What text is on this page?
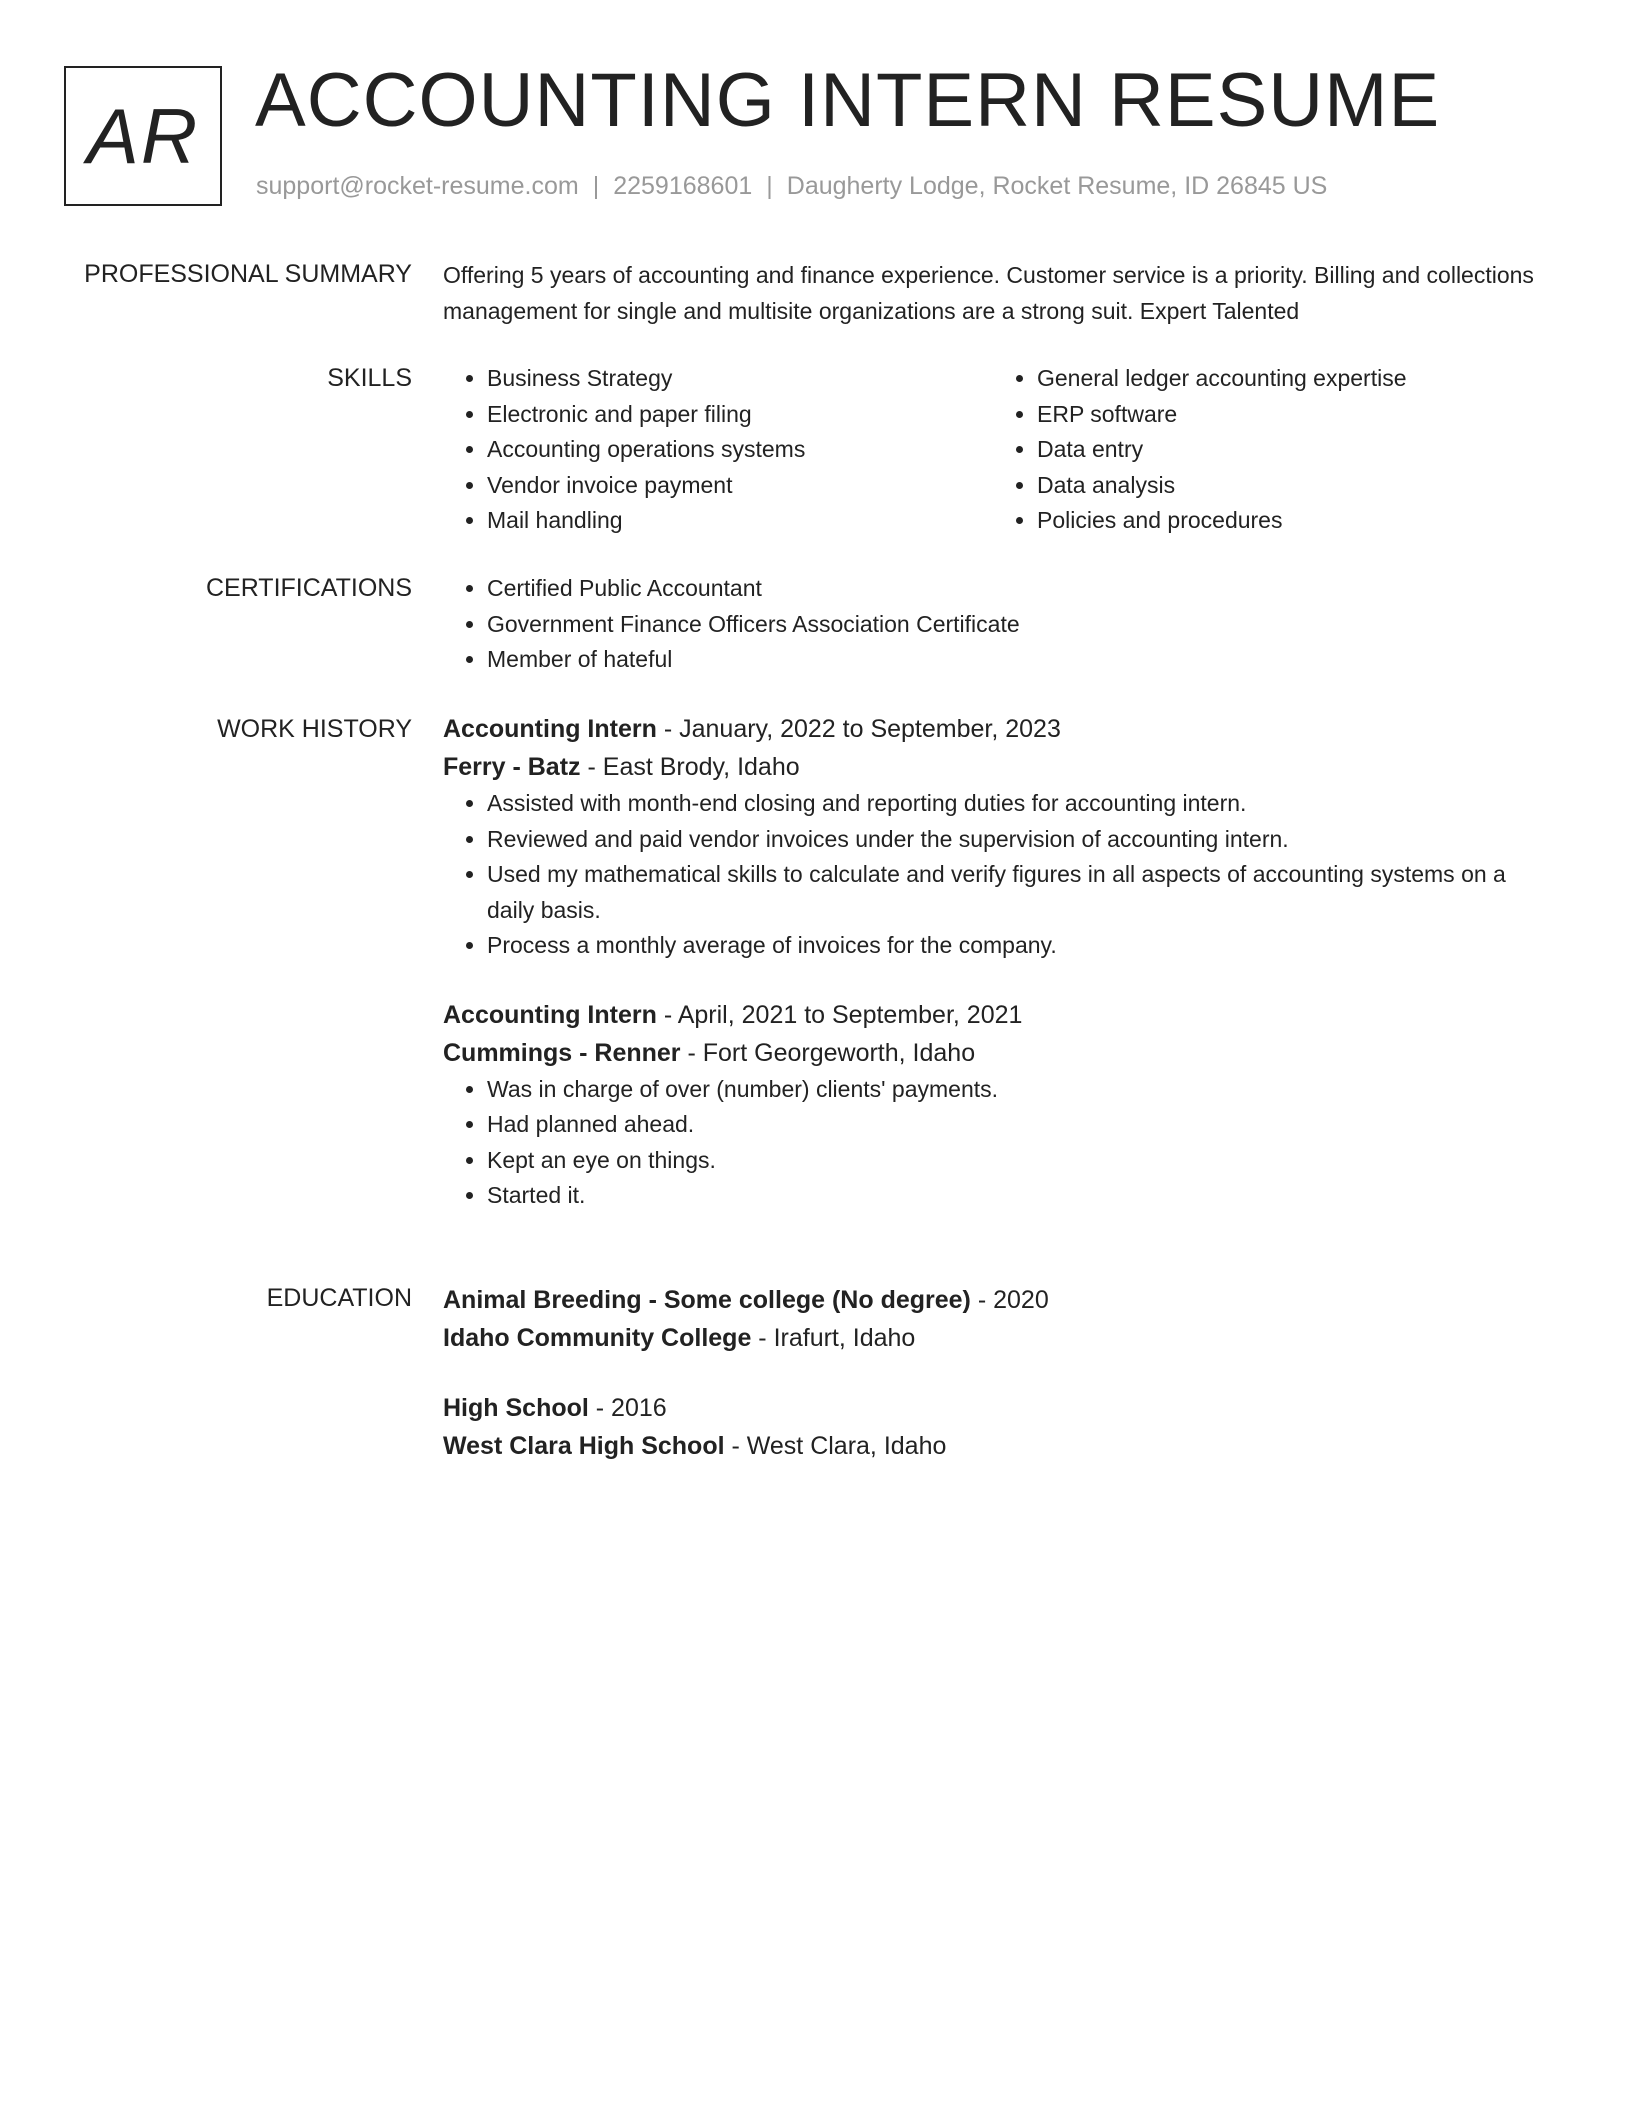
AR ACCOUNTING INTERN RESUME
support@rocket-resume.com | 2259168601 | Daugherty Lodge, Rocket Resume, ID 26845 US
PROFESSIONAL SUMMARY Offering 5 years of accounting and finance experience. Customer service is a priority. Billing and collections management for single and multisite organizations are a strong suit. Expert Talented

SKILLS	• Business Strategy
• Electronic and paper filing
• Accounting operations systems
• Vendor invoice payment
• Mail handling
• General ledger accounting expertise
• ERP software
• Data entry
• Data analysis
• Policies and procedures
CERTIFICATIONS	• Certified Public Accountant
• Government Finance Officers Association Certificate
• Member of hateful
WORK HISTORY Accounting Intern - January, 2022 to September, 2023
Ferry - Batz - East Brody, Idaho
• Assisted with month-end closing and reporting duties for accounting intern.
• Reviewed and paid vendor invoices under the supervision of accounting intern.
• Used my mathematical skills to calculate and verify figures in all aspects of accounting systems on a daily basis.
• Process a monthly average of invoices for the company.
Accounting Intern - April, 2021 to September, 2021
Cummings - Renner - Fort Georgeworth, Idaho
• Was in charge of over (number) clients' payments.
• Had planned ahead.
• Kept an eye on things.
• Started it.
EDUCATION Animal Breeding - Some college (No degree) - 2020
Idaho Community College - Irafurt, Idaho
High School - 2016
West Clara High School - West Clara, Idaho
